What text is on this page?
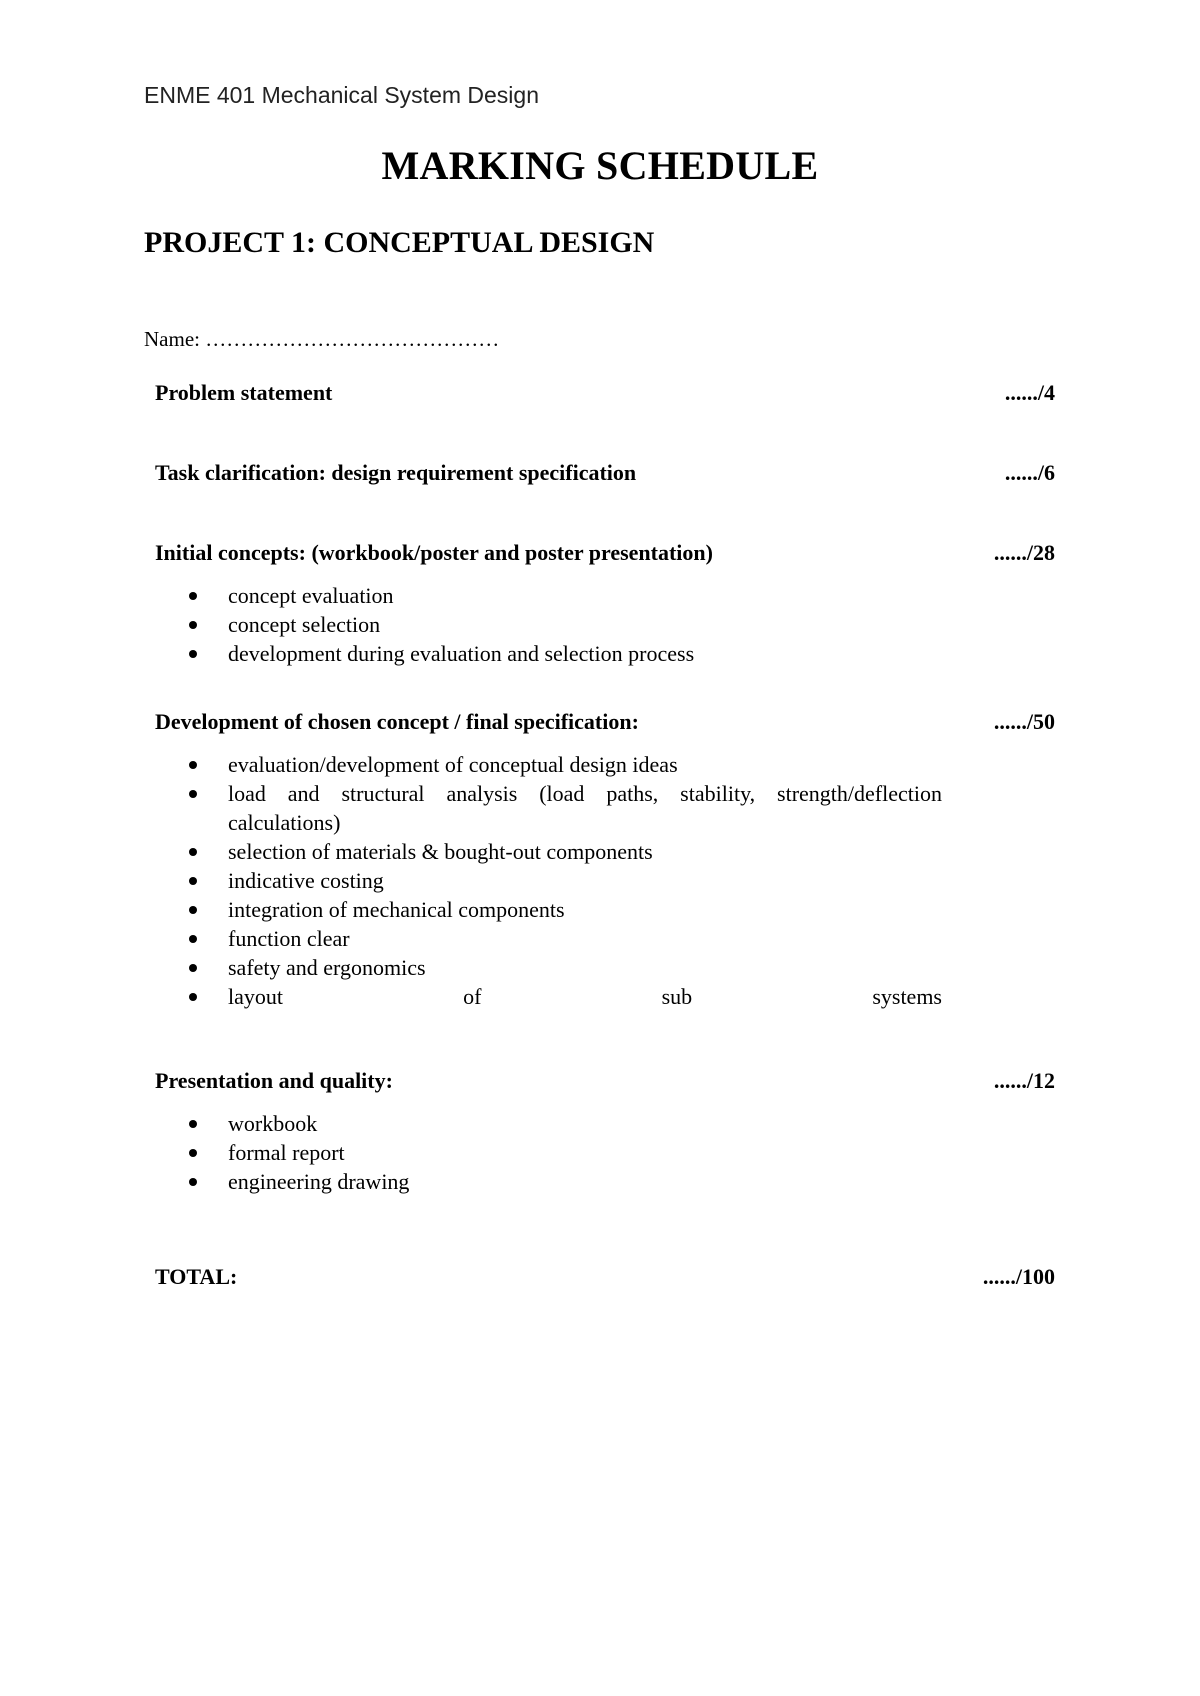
ENME 401 Mechanical System Design
MARKING SCHEDULE
PROJECT 1: CONCEPTUAL DESIGN
Name: ……………………………………
Problem statement	....../4
Task clarification: design requirement specification	....../6
Initial concepts: (workbook/poster and poster presentation)	....../28
concept evaluation
concept selection
development during evaluation and selection process
Development of chosen concept / final specification:	....../50
evaluation/development of conceptual design ideas
load and structural analysis (load paths, stability, strength/deflection calculations)
selection of materials & bought-out components
indicative costing
integration of mechanical components
function clear
safety and ergonomics
layout of sub systems
Presentation and quality:	....../12
workbook
formal report
engineering drawing
TOTAL:	....../100
